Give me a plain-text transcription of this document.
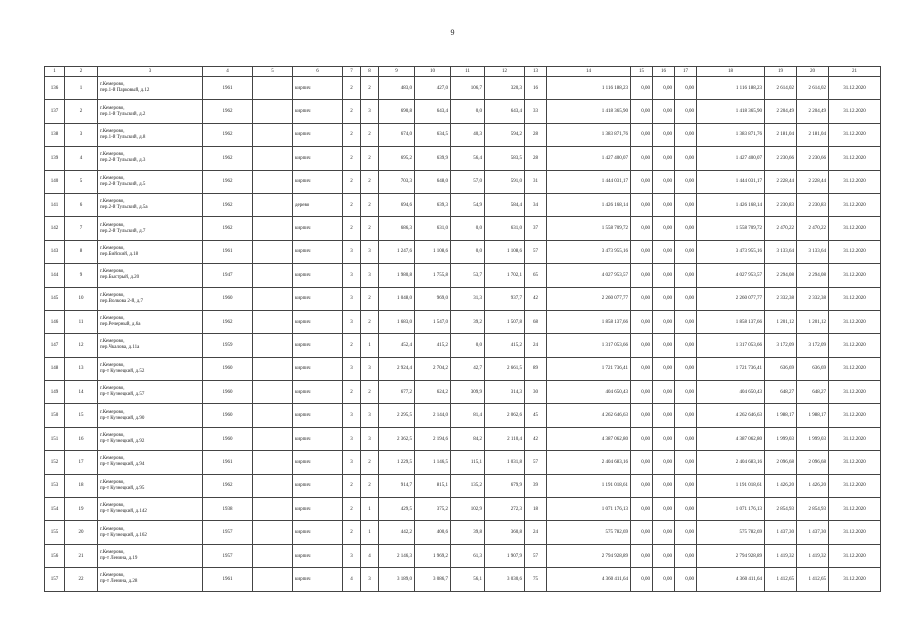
9
1	2	3	4	5	6	7	8	9	10	11	12	13	14	15	16	17	18	19	20	21
136	1	г.Кемерово,
пер.1-й Парковый, д.12	1961		кирпич	2	2	483,0	427,0	106,7	320,3	16	1 116 188,23	0,00	0,00	0,00	1 116 188,23	2 614,02	2 614,02	31.12.2020
137	2	г.Кемерово,
пер.1-й Тульский, д.2	1962		кирпич	2	3	690,8	643,4	0,0	643,4	33	1 418 365,90	0,00	0,00	0,00	1 418 365,90	2 204,49	2 204,49	31.12.2020
138	3	г.Кемерово,
пер.1-й Тульский, д.8	1962		кирпич	2	2	674,0	634,5	40,3	594,2	28	1 383 871,76	0,00	0,00	0,00	1 383 871,76	2 181,04	2 181,04	31.12.2020
139	4	г.Кемерово,
пер.2-й Тульский, д.3	1962		кирпич	2	2	695,2	639,9	56,4	583,5	28	1 427 400,07	0,00	0,00	0,00	1 427 400,07	2 230,66	2 230,66	31.12.2020
140	5	г.Кемерово,
пер.2-й Тульский, д.5	1962		кирпич	2	2	703,3	648,0	57,0	591,0	31	1 444 031,17	0,00	0,00	0,00	1 444 031,17	2 228,44	2 228,44	31.12.2020
141	6	г.Кемерово,
пер.2-й Тульский, д.5а	1962		дерево	2	2	694,6	639,3	54,9	584,4	34	1 426 168,14	0,00	0,00	0,00	1 426 168,14	2 230,83	2 230,83	31.12.2020
142	7	г.Кемерово,
пер.2-й Тульский, д.7	1962		кирпич	2	2	686,3	631,0	0,0	631,0	37	1 558 709,72	0,00	0,00	0,00	1 558 709,72	2 470,22	2 470,22	31.12.2020
143	8	г.Кемерово,
пер.Бийский, д.18	1961		кирпич	3	3	1 247,6	1 108,6	0,0	1 108,6	57	3 473 955,16	0,00	0,00	0,00	3 473 955,16	3 133,64	3 133,64	31.12.2020
144	9	г.Кемерово,
пер.Быстрый, д.20	1947		кирпич	3	3	1 980,8	1 755,8	53,7	1 702,1	65	4 027 953,57	0,00	0,00	0,00	4 027 953,57	2 294,08	2 294,08	31.12.2020
145	10	г.Кемерово,
пер.Волкова 2-й, д.7	1960		кирпич	3	2	1 048,0	969,0	31,3	937,7	42	2 260 077,77	0,00	0,00	0,00	2 260 077,77	2 332,38	2 332,38	31.12.2020
146	11	г.Кемерово,
пер.Речерный, д.6а	1962		кирпич	3	2	1 683,0	1 547,0	39,2	1 507,8	68	1 858 137,66	0,00	0,00	0,00	1 858 137,66	1 201,12	1 201,12	31.12.2020
147	12	г.Кемерово,
пер.Чкалова, д.11а	1959		кирпич	2	1	452,4	415,2	0,0	415,2	24	1 317 053,66	0,00	0,00	0,00	1 317 053,66	3 172,09	3 172,09	31.12.2020
148	13	г.Кемерово,
пр-т Кузнецкий, д.52	1960		кирпич	3	3	2 924,4	2 704,2	42,7	2 661,5	89	1 721 736,41	0,00	0,00	0,00	1 721 736,41	636,69	636,69	31.12.2020
149	14	г.Кемерово,
пр-т Кузнецкий, д.57	1960		кирпич	2	2	677,2	624,2	309,9	314,3	30	404 650,43	0,00	0,00	0,00	404 650,43	648,27	648,27	31.12.2020
150	15	г.Кемерово,
пр-т Кузнецкий, д.90	1960		кирпич	3	3	2 295,5	2 144,0	81,4	2 062,6	45	4 262 646,63	0,00	0,00	0,00	4 262 646,63	1 988,17	1 988,17	31.12.2020
151	16	г.Кемерово,
пр-т Кузнецкий, д.92	1960		кирпич	3	3	2 362,5	2 194,6	84,2	2 110,4	42	4 387 062,80	0,00	0,00	0,00	4 387 062,80	1 999,03	1 999,03	31.12.2020
152	17	г.Кемерово,
пр-т Кузнецкий, д.94	1961		кирпич	3	2	1 229,5	1 146,5	115,1	1 031,8	57	2 404 683,16	0,00	0,00	0,00	2 404 683,16	2 096,68	2 096,68	31.12.2020
153	18	г.Кемерово,
пр-т Кузнецкий, д.95	1962		кирпич	2	2	914,7	815,1	135,2	679,9	39	1 191 018,61	0,00	0,00	0,00	1 191 018,61	1 426,20	1 426,20	31.12.2020
154	19	г.Кемерово,
пр-т Кузнецкий, д.142	1938		кирпич	2	1	429,5	375,2	102,9	272,3	18	1 071 176,13	0,00	0,00	0,00	1 071 176,13	2 854,93	2 854,93	31.12.2020
155	20	г.Кемерово,
пр-т Кузнецкий, д.162	1957		кирпич	2	1	442,2	400,6	39,8	360,8	24	575 782,69	0,00	0,00	0,00	575 782,69	1 437,30	1 437,30	31.12.2020
156	21	г.Кемерово,
пр-т Ленина, д.19	1957		кирпич	3	4	2 146,3	1 969,2	61,3	1 907,9	57	2 794 928,89	0,00	0,00	0,00	2 794 928,89	1 419,32	1 419,32	31.12.2020
157	22	г.Кемерово,
пр-т Ленина, д.28	1961		кирпич	4	3	3 189,0	3 086,7	56,1	3 030,6	75	4 360 411,64	0,00	0,00	0,00	4 360 411,64	1 412,65	1 412,65	31.12.2020
